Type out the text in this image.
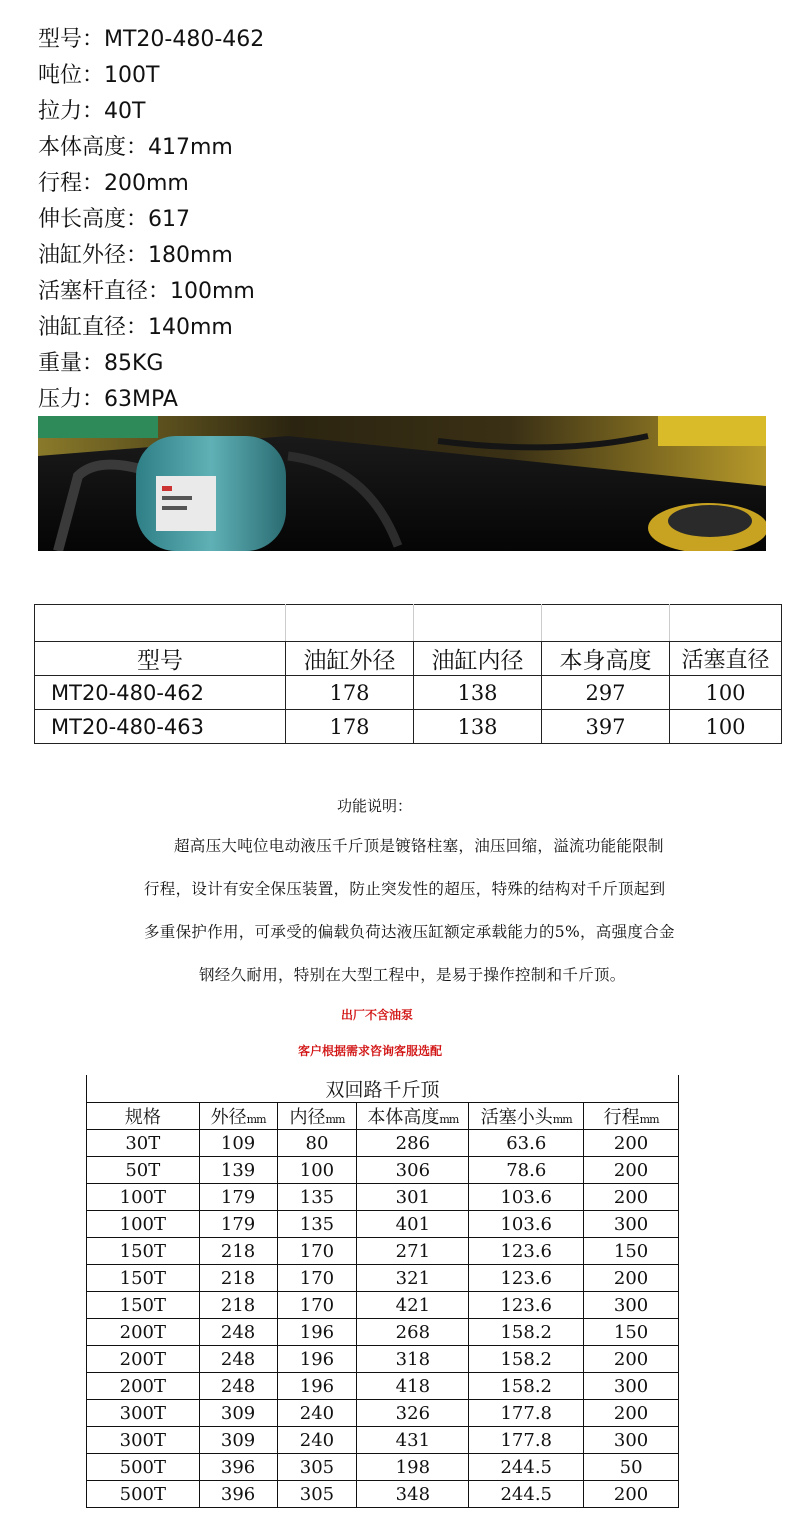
型号：MT20-480-462
吨位：100T
拉力：40T
本体高度：417mm
行程：200mm
伸长高度：617
油缸外径：180mm
活塞杆直径：100mm
油缸直径：140mm
重量：85KG
压力：63MPA

型号	油缸外径	油缸内径	本身高度	活塞直径
MT20-480-462	178	138	297	100
MT20-480-463	178	138	397	100
功能说明：
超高压大吨位电动液压千斤顶是镀铬柱塞，油压回缩，溢流功能能限制
行程，设计有安全保压装置，防止突发性的超压，特殊的结构对千斤顶起到
多重保护作用，可承受的偏载负荷达液压缸额定承载能力的5%，高强度合金
钢经久耐用，特别在大型工程中，是易于操作控制和千斤顶。
出厂不含油泵
客户根据需求咨询客服选配
双回路千斤顶					
规格	外径mm	内径mm	本体高度mm	活塞小头mm	行程mm
30T	109	80	286	63.6	200
50T	139	100	306	78.6	200
100T	179	135	301	103.6	200
100T	179	135	401	103.6	300
150T	218	170	271	123.6	150
150T	218	170	321	123.6	200
150T	218	170	421	123.6	300
200T	248	196	268	158.2	150
200T	248	196	318	158.2	200
200T	248	196	418	158.2	300
300T	309	240	326	177.8	200
300T	309	240	431	177.8	300
500T	396	305	198	244.5	50
500T	396	305	348	244.5	200
